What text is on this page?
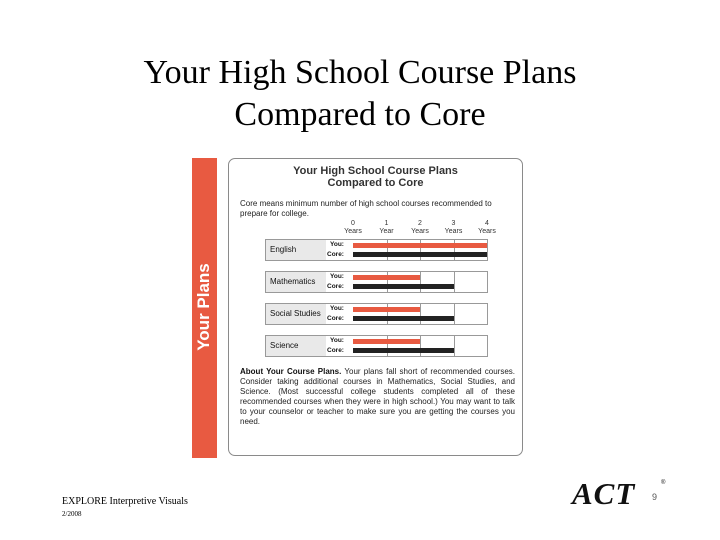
Your High School Course Plans
Compared to Core
Your Plans
Your High School Course Plans
Compared to Core
Core means minimum number of high school courses recommended to prepare for college.
About Your Course Plans. Your plans fall short of recommended courses. Consider taking additional courses in Mathematics, Social Studies, and Science. (Most successful college students completed all of these recommended courses when they were in high school.) You may want to talk to your counselor or teacher to make sure you are getting the courses you need.
0
Years
1
Year
2
Years
3
Years
4
Years
English
You:
Core:
Mathematics
You:
Core:
Social Studies
You:
Core:
Science
You:
Core:
EXPLORE Interpretive Visuals
2/2008
ACT	®
9
